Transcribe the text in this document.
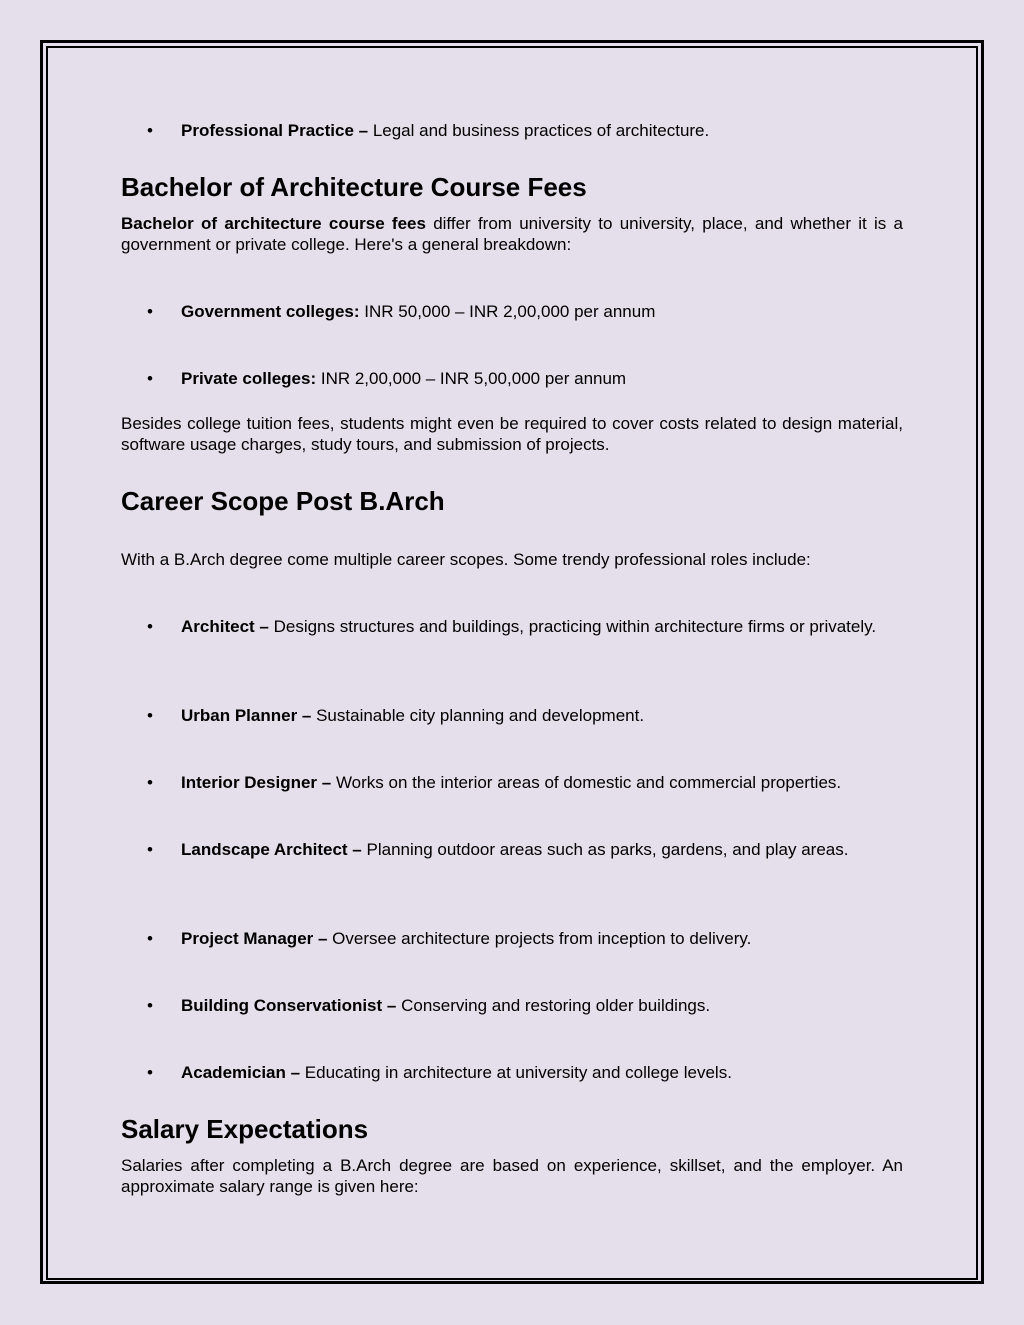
•	Professional Practice – Legal and business practices of architecture.
Bachelor of Architecture Course Fees

Bachelor of architecture course fees differ from university to university, place, and whether it is a government or private college. Here's a general breakdown:

•	Government colleges: INR 50,000 – INR 2,00,000 per annum
•	Private colleges: INR 2,00,000 – INR 5,00,000 per annum

Besides college tuition fees, students might even be required to cover costs related to design material, software usage charges, study tours, and submission of projects.

Career Scope Post B.Arch

With a B.Arch degree come multiple career scopes. Some trendy professional roles include:

•	Architect – Designs structures and buildings, practicing within architecture firms or privately.
•	Urban Planner – Sustainable city planning and development.
•	Interior Designer – Works on the interior areas of domestic and commercial properties.
•	Landscape Architect – Planning outdoor areas such as parks, gardens, and play areas.
•	Project Manager – Oversee architecture projects from inception to delivery.
•	Building Conservationist – Conserving and restoring older buildings.
•	Academician – Educating in architecture at university and college levels.
Salary Expectations

Salaries after completing a B.Arch degree are based on experience, skillset, and the employer. An approximate salary range is given here:
